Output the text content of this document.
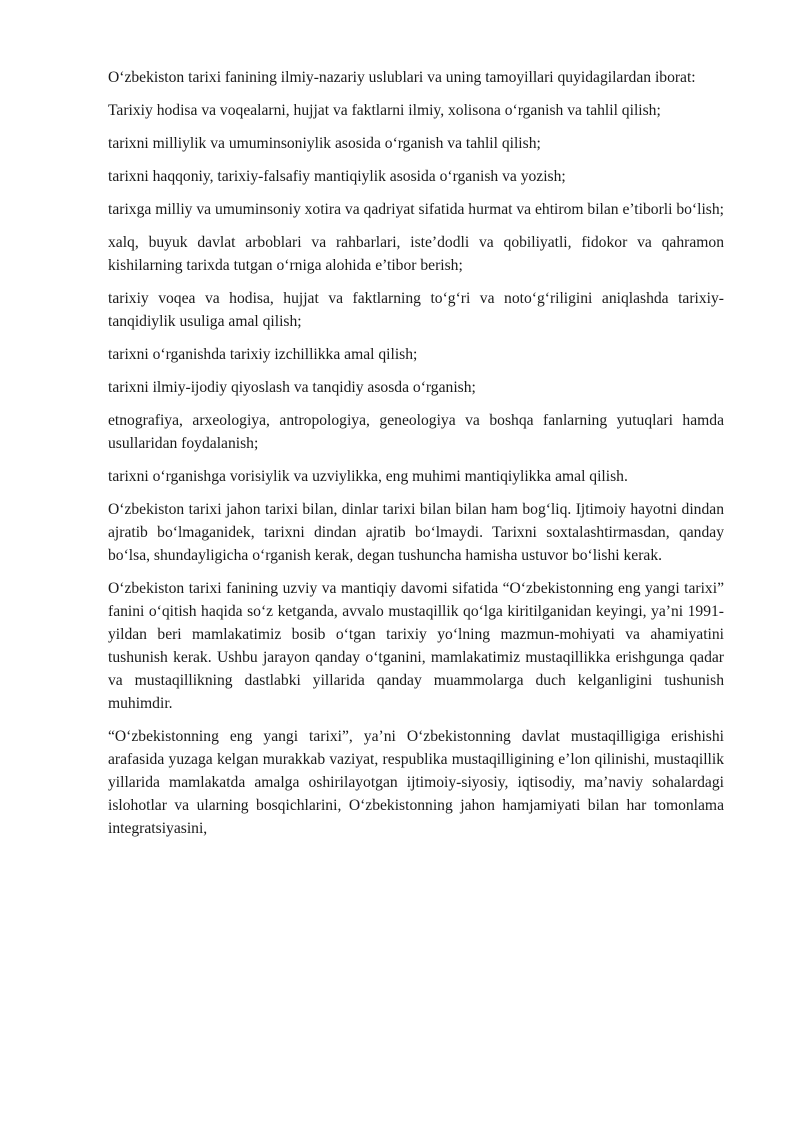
O‘zbekiston tarixi fanining ilmiy-nazariy uslublari va uning tamoyillari quyidagilardan iborat:

Tarixiy hodisa va voqealarni, hujjat va faktlarni ilmiy, xolisona o‘rganish va tahlil qilish;

tarixni milliylik va umuminsoniylik asosida o‘rganish va tahlil qilish;

tarixni haqqoniy, tarixiy-falsafiy mantiqiylik asosida o‘rganish va yozish;

tarixga milliy va umuminsoniy xotira va qadriyat sifatida hurmat va ehtirom bilan e’tiborli bo‘lish;

xalq, buyuk davlat arboblari va rahbarlari, iste’dodli va qobiliyatli, fidokor va qahramon kishilarning tarixda tutgan o‘rniga alohida e’tibor berish;

tarixiy voqea va hodisa, hujjat va faktlarning to‘g‘ri va noto‘g‘riligini aniqlashda tarixiy-tanqidiylik usuliga amal qilish;

tarixni o‘rganishda tarixiy izchillikka amal qilish;

tarixni ilmiy-ijodiy qiyoslash va tanqidiy asosda o‘rganish;

etnografiya, arxeologiya, antropologiya, geneologiya va boshqa fanlarning yutuqlari hamda usullaridan foydalanish;

tarixni o‘rganishga vorisiylik va uzviylikka, eng muhimi mantiqiylikka amal qilish.

O‘zbekiston tarixi jahon tarixi bilan, dinlar tarixi bilan bilan ham bog‘liq. Ijtimoiy hayotni dindan ajratib bo‘lmaganidek, tarixni dindan ajratib bo‘lmaydi. Tarixni soxtalashtirmasdan, qanday bo‘lsa, shundayligicha o‘rganish kerak, degan tushuncha hamisha ustuvor bo‘lishi kerak.

O‘zbekiston tarixi fanining uzviy va mantiqiy davomi sifatida “O‘zbekistonning eng yangi tarixi” fanini o‘qitish haqida so‘z ketganda, avvalo mustaqillik qo‘lga kiritilganidan keyingi, ya’ni 1991-yildan beri mamlakatimiz bosib o‘tgan tarixiy yo‘lning mazmun-mohiyati va ahamiyatini tushunish kerak. Ushbu jarayon qanday o‘tganini, mamlakatimiz mustaqillikka erishgunga qadar va mustaqillikning dastlabki yillarida qanday muammolarga duch kelganligini tushunish muhimdir.

“O‘zbekistonning eng yangi tarixi”, ya’ni O‘zbekistonning davlat mustaqilligiga erishishi arafasida yuzaga kelgan murakkab vaziyat, respublika mustaqilligining e’lon qilinishi, mustaqillik yillarida mamlakatda amalga oshirilayotgan ijtimoiy-siyosiy, iqtisodiy, ma’naviy sohalardagi islohotlar va ularning bosqichlarini, O‘zbekistonning jahon hamjamiyati bilan har tomonlama integratsiyasini,
